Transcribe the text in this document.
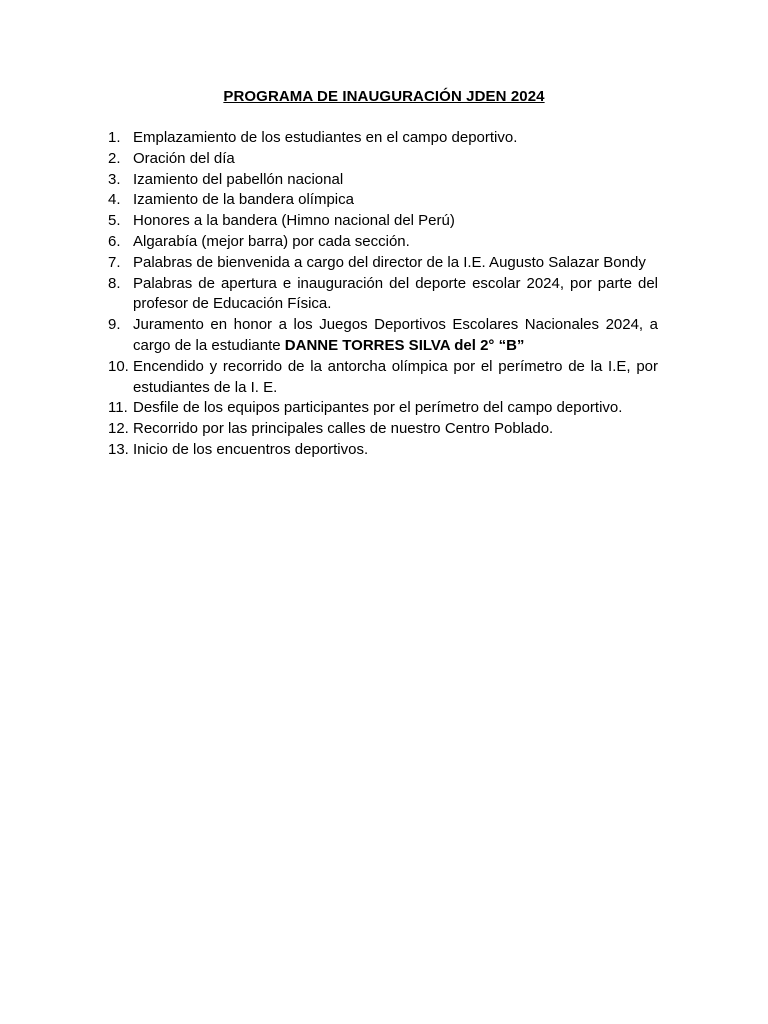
PROGRAMA DE INAUGURACIÓN JDEN 2024
1. Emplazamiento de los estudiantes en el campo deportivo.
2. Oración del día
3. Izamiento del pabellón nacional
4. Izamiento de la bandera olímpica
5. Honores a la bandera (Himno nacional del Perú)
6. Algarabía (mejor barra) por cada sección.
7. Palabras de bienvenida a cargo del director de la I.E. Augusto Salazar Bondy
8. Palabras de apertura e inauguración del deporte escolar 2024, por parte del profesor de Educación Física.
9. Juramento en honor a los Juegos Deportivos Escolares Nacionales 2024, a cargo de la estudiante DANNE TORRES SILVA del 2° “B”
10. Encendido y recorrido de la antorcha olímpica por el perímetro de la I.E, por estudiantes de la I. E.
11. Desfile de los equipos participantes por el perímetro del campo deportivo.
12. Recorrido por las principales calles de nuestro Centro Poblado.
13. Inicio de los encuentros deportivos.
